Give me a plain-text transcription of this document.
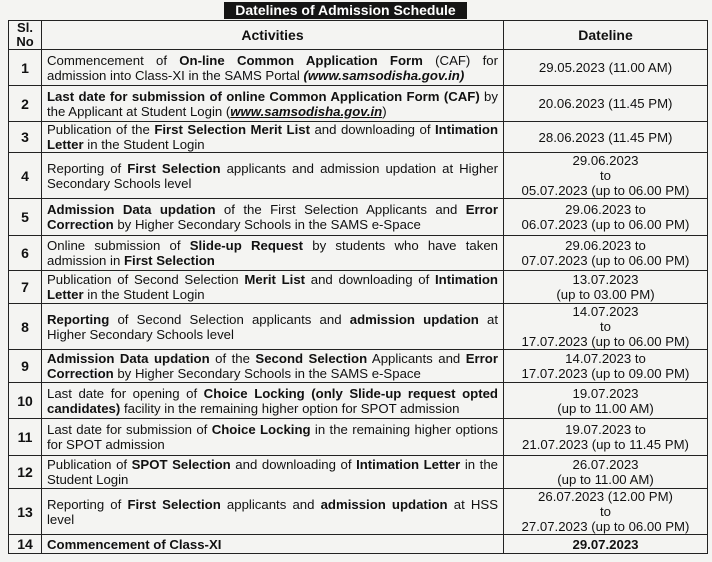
Datelines of Admission Schedule
Sl.
No	Activities	Dateline
1	Commencement of On-line Common Application Form (CAF) for admission into Class-XI in the SAMS Portal (www.samsodisha.gov.in)	29.05.2023 (11.00 AM)
2	Last date for submission of online Common Application Form (CAF) by the Applicant at Student Login (www.samsodisha.gov.in)	20.06.2023 (11.45 PM)
3	Publication of the First Selection Merit List and downloading of Intimation Letter in the Student Login	28.06.2023 (11.45 PM)
4	Reporting of First Selection applicants and admission updation at Higher Secondary Schools level	29.06.2023
to
05.07.2023 (up to 06.00 PM)
5	Admission Data updation of the First Selection Applicants and Error Correction by Higher Secondary Schools in the SAMS e-Space	29.06.2023 to
06.07.2023 (up to 06.00 PM)
6	Online submission of Slide-up Request by students who have taken admission in First Selection	29.06.2023 to
07.07.2023 (up to 06.00 PM)
7	Publication of Second Selection Merit List and downloading of Intimation Letter in the Student Login	13.07.2023
(up to 03.00 PM)
8	Reporting of Second Selection applicants and admission updation at Higher Secondary Schools level	14.07.2023
to
17.07.2023 (up to 06.00 PM)
9	Admission Data updation of the Second Selection Applicants and Error Correction by Higher Secondary Schools in the SAMS e-Space	14.07.2023 to
17.07.2023 (up to 09.00 PM)
10	Last date for opening of Choice Locking (only Slide-up request opted candidates) facility in the remaining higher option for SPOT admission	19.07.2023
(up to 11.00 AM)
11	Last date for submission of Choice Locking in the remaining higher options for SPOT admission	19.07.2023 to
21.07.2023 (up to 11.45 PM)
12	Publication of SPOT Selection and downloading of Intimation Letter in the Student Login	26.07.2023
(up to 11.00 AM)
13	Reporting of First Selection applicants and admission updation at HSS level	26.07.2023 (12.00 PM)
to
27.07.2023 (up to 06.00 PM)
14	Commencement of Class-XI	29.07.2023
